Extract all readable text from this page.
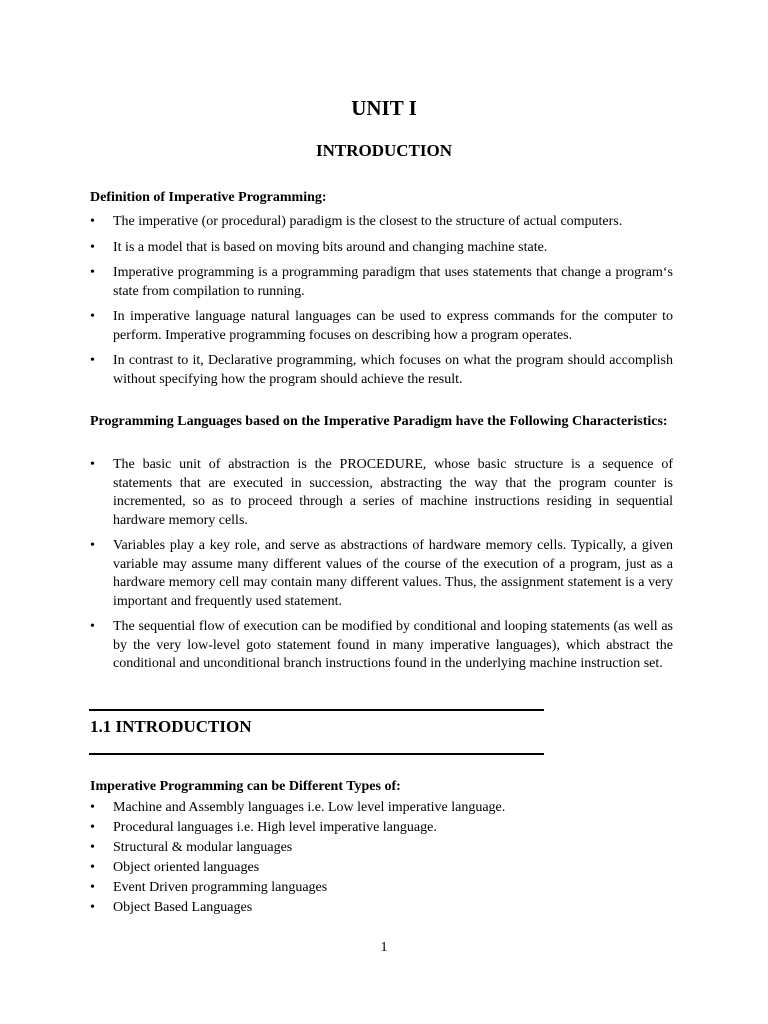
UNIT I
INTRODUCTION
Definition of Imperative Programming:
• The imperative (or procedural) paradigm is the closest to the structure of actual computers.
• It is a model that is based on moving bits around and changing machine state.
• Imperative programming is a programming paradigm that uses statements that change a program‘s state from compilation to running.
• In imperative language natural languages can be used to express commands for the computer to perform. Imperative programming focuses on describing how a program operates.
• In contrast to it, Declarative programming, which focuses on what the program should accomplish without specifying how the program should achieve the result.
Programming Languages based on the Imperative Paradigm have the Following Characteristics:
• The basic unit of abstraction is the PROCEDURE, whose basic structure is a sequence of statements that are executed in succession, abstracting the way that the program counter is incremented, so as to proceed through a series of machine instructions residing in sequential hardware memory cells.
• Variables play a key role, and serve as abstractions of hardware memory cells. Typically, a given variable may assume many different values of the course of the execution of a program, just as a hardware memory cell may contain many different values. Thus, the assignment statement is a very important and frequently used statement.
• The sequential flow of execution can be modified by conditional and looping statements (as well as by the very low-level goto statement found in many imperative languages), which abstract the conditional and unconditional branch instructions found in the underlying machine instruction set.
1.1 INTRODUCTION
Imperative Programming can be Different Types of:
• Machine and Assembly languages i.e. Low level imperative language.
• Procedural languages i.e. High level imperative language.
• Structural & modular languages
• Object oriented languages
• Event Driven programming languages
• Object Based Languages
1
